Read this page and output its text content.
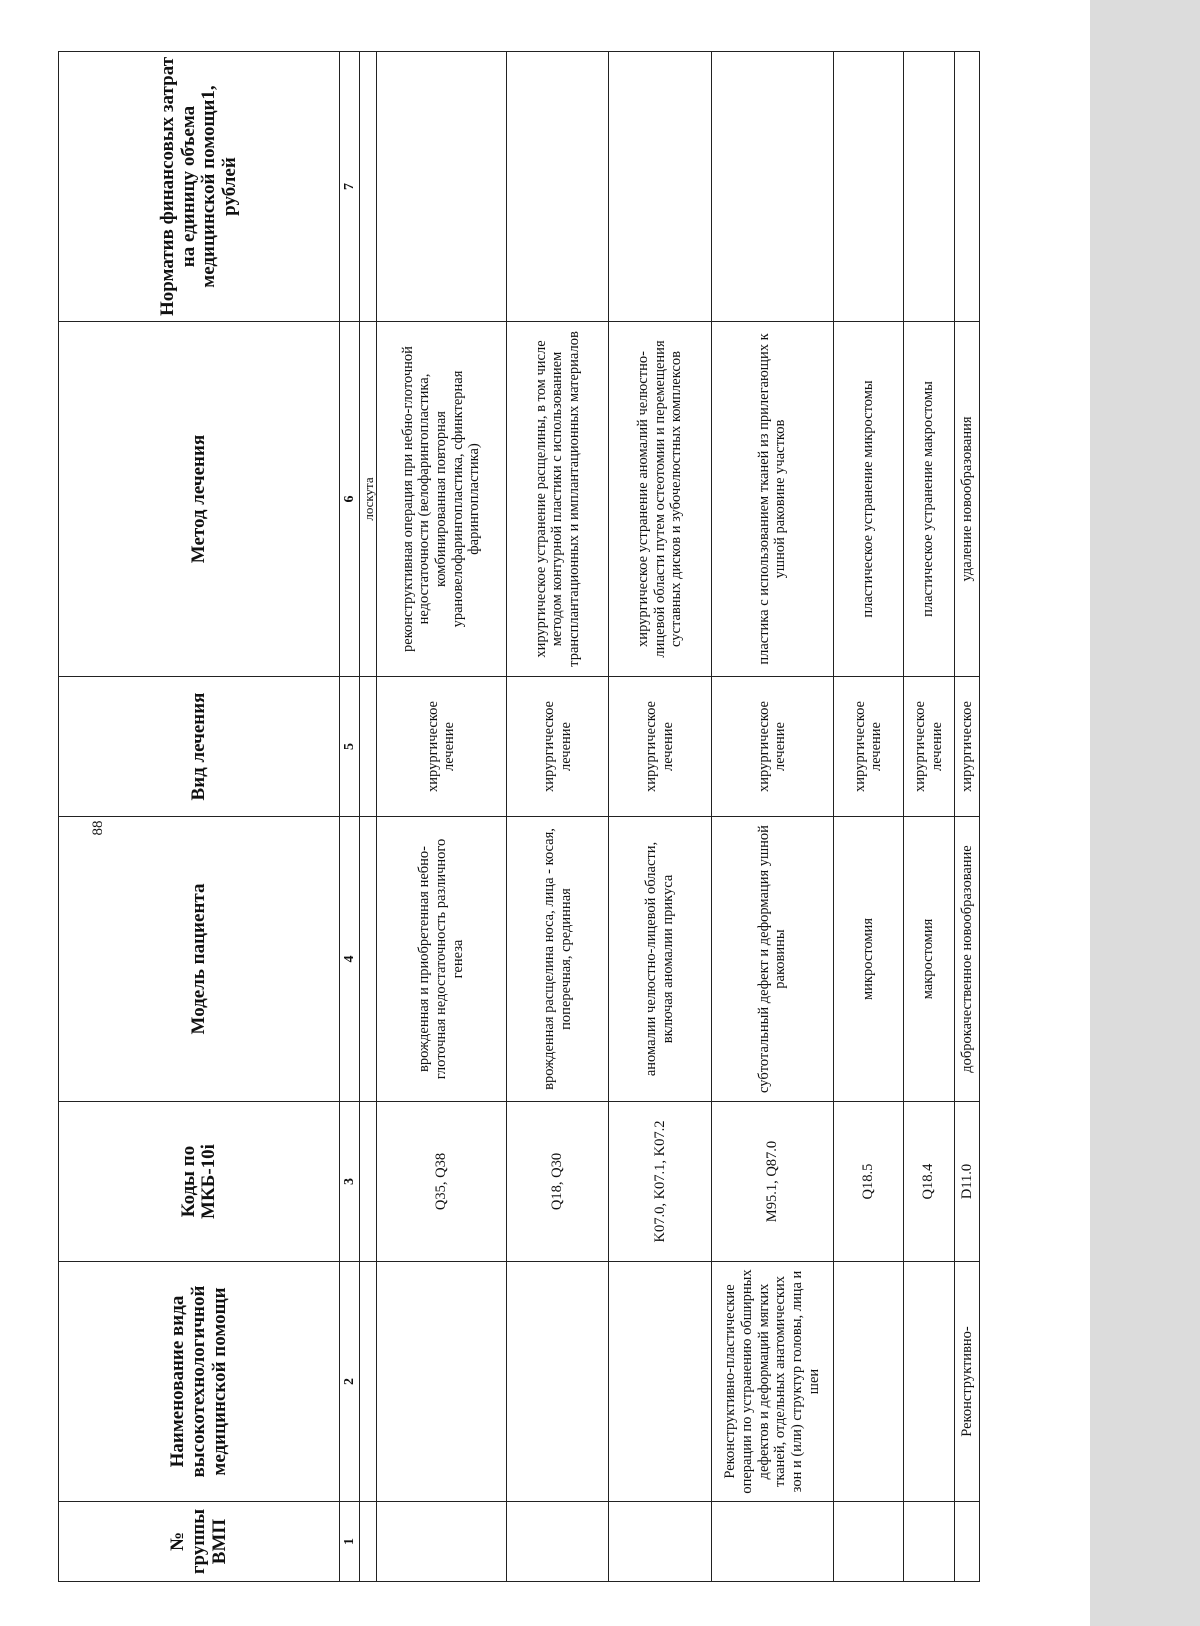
88
№ группы ВМП	Наименование вида высокотехнологичной медицинской помощи	Коды по МКБ-10i	Модель пациента	Вид лечения	Метод лечения	Норматив финансовых затрат на единицу объема медицинской помощи1, рублей
1	2	3	4	5	6	7
					лоскута	
		Q35, Q38	врожденная и приобретенная небно-глоточная недостаточность различного генеза	хирургическое лечение	реконструктивная операция при небно-глоточной недостаточности (велофарингопластика, комбинированная повторная урановелофарингопластика, сфинктерная фарингопластика)	
		Q18, Q30	врожденная расщелина носа, лица - косая, поперечная, срединная	хирургическое лечение	хирургическое устранение расщелины, в том числе методом контурной пластики с использованием трансплантационных и имплантационных материалов	
		K07.0, K07.1, K07.2	аномалии челюстно-лицевой области, включая аномалии прикуса	хирургическое лечение	хирургическое устранение аномалий челюстно-лицевой области путем остеотомии и перемещения суставных дисков и зубочелюстных комплексов	
	Реконструктивно-пластические операции по устранению обширных дефектов и деформаций мягких тканей, отдельных анатомических зон и (или) структур головы, лица и шеи	M95.1, Q87.0	субтотальный дефект и деформация ушной раковины	хирургическое лечение	пластика с использованием тканей из прилегающих к ушной раковине участков	
		Q18.5	микростомия	хирургическое лечение	пластическое устранение микростомы	
		Q18.4	макростомия	хирургическое лечение	пластическое устранение макростомы	
	Реконструктивно-	D11.0	доброкачественное новообразование	хирургическое	удаление новообразования	
